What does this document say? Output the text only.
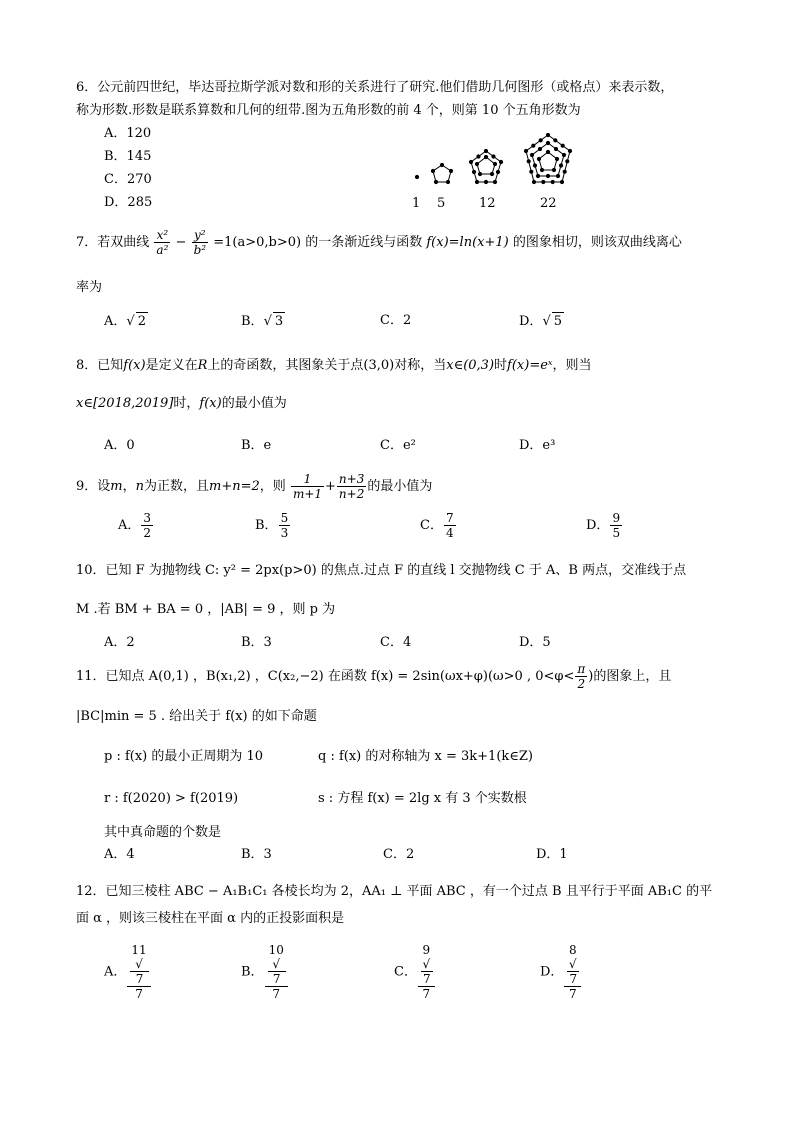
6．公元前四世纪，毕达哥拉斯学派对数和形的关系进行了研究.他们借助几何图形（或格点）来表示数，
称为形数.形数是联系算数和几何的纽带.图为五角形数的前 4 个，则第 10 个五角形数为
A．120
B．145
C．270
D．285	1 5	12	22
7．若双曲线 $\frac{\text{x²}}{\text{a²}} - \frac{\text{y²}}{\text{b²}} =1(a>0,b>0)$ 的一条渐近线与函数 f(x)=ln(x+1) 的图象相切，则该双曲线离心
率为
A．√ 2	B．√ 3	C．2	D．√ 5
8．已知f(x)是定义在R上的奇函数，其图象关于点(3,0)对称，当x∈(0,3)时f(x)=eˣ，则当
x∈[2018,2019]时，f(x)的最小值为
A．0	B．e	C．e²	D．e³
9．设m，n为正数，且m+n=2，则 $\frac{1}{m+1} + \frac{n+3}{n+2}$ 的最小值为
A． $\frac{3}{2}$	B． $\frac{5}{3}$	C． $\frac{7}{4}$	D． $\frac{9}{5}$
10．已知 F 为抛物线 C: y² = 2px(p>0) 的焦点.过点 F 的直线 l 交抛物线 C 于 A、B 两点，交准线于点
M .若 BM + BA = 0 ，|AB| = 9 ，则 p 为
A．2	B．3	C．4	D．5
11．已知点 A(0,1) ，B(x₁,2) ，C(x₂,−2) 在函数 f(x) = 2sin(ωx+φ)(ω>0 , $0<\varphi< \frac{\pi}{2}$ )的图象上，且
|BC|min = 5 . 给出关于 f(x) 的如下命题
p : f(x) 的最小正周期为 10	q : f(x) 的对称轴为 x = 3k+1(k∈Z)
r : f(2020) > f(2019)	s : 方程 f(x) = 2lg x 有 3 个实数根
其中真命题的个数是
A．4	B．3	C．2	D．1
12．已知三棱柱 ABC − A₁B₁C₁ 各棱长均为 2，AA₁ ⊥ 平面 ABC ，有一个过点 B 且平行于平面 AB₁C 的平
面 α ，则该三棱柱在平面 α 内的正投影面积是
A． 11
√
7
7	B． 10
√
7
7	C． 9
√
7
7	D． 8
√
7
7
